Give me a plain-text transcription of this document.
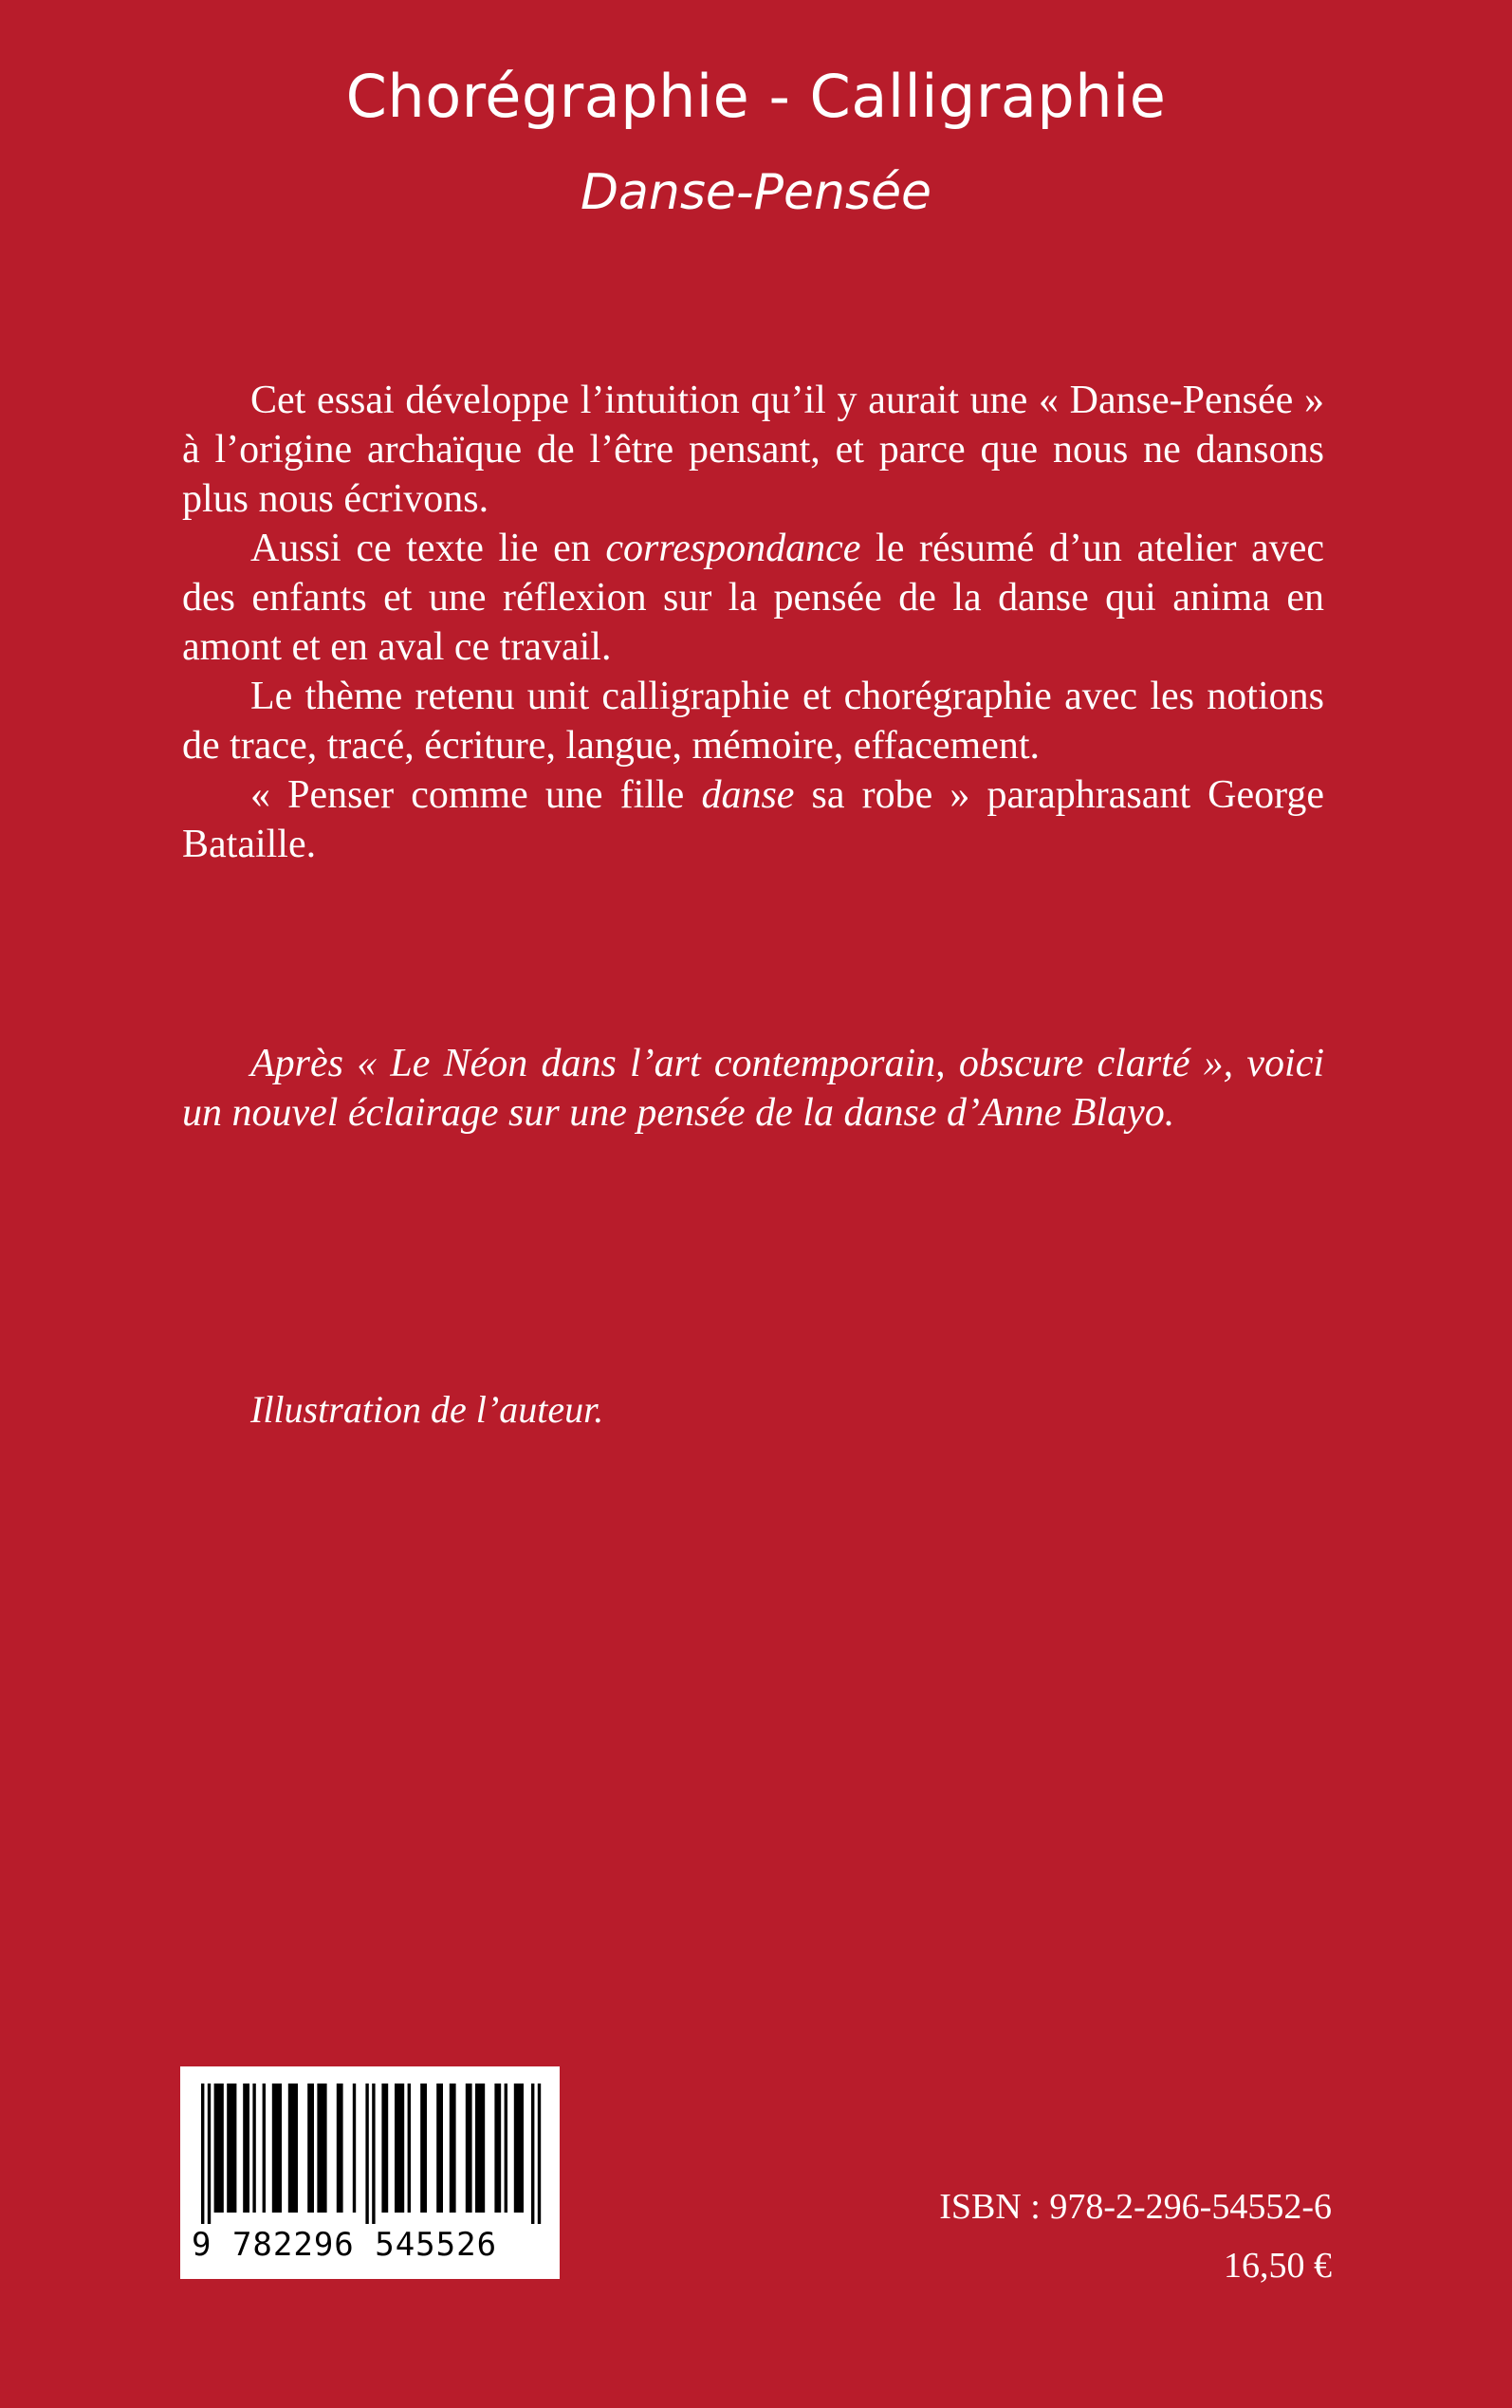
Chorégraphie - Calligraphie
Danse-Pensée

Cet essai développe l’intuition qu’il y aurait une « Danse-Pensée » à l’origine archaïque de l’être pensant, et parce que nous ne dansons plus nous écrivons.

Aussi ce texte lie en correspondance le résumé d’un atelier avec des enfants et une réflexion sur la pensée de la danse qui anima en amont et en aval ce travail.

Le thème retenu unit calligraphie et chorégraphie avec les notions de trace, tracé, écriture, langue, mémoire, effacement.

« Penser comme une fille danse sa robe » paraphrasant George Bataille.

Après « Le Néon dans l’art contemporain, obscure clarté », voici un nouvel éclairage sur une pensée de la danse d’Anne Blayo.

Illustration de l’auteur.

9 782296 545526

ISBN : 978-2-296-54552-6

16,50 €
